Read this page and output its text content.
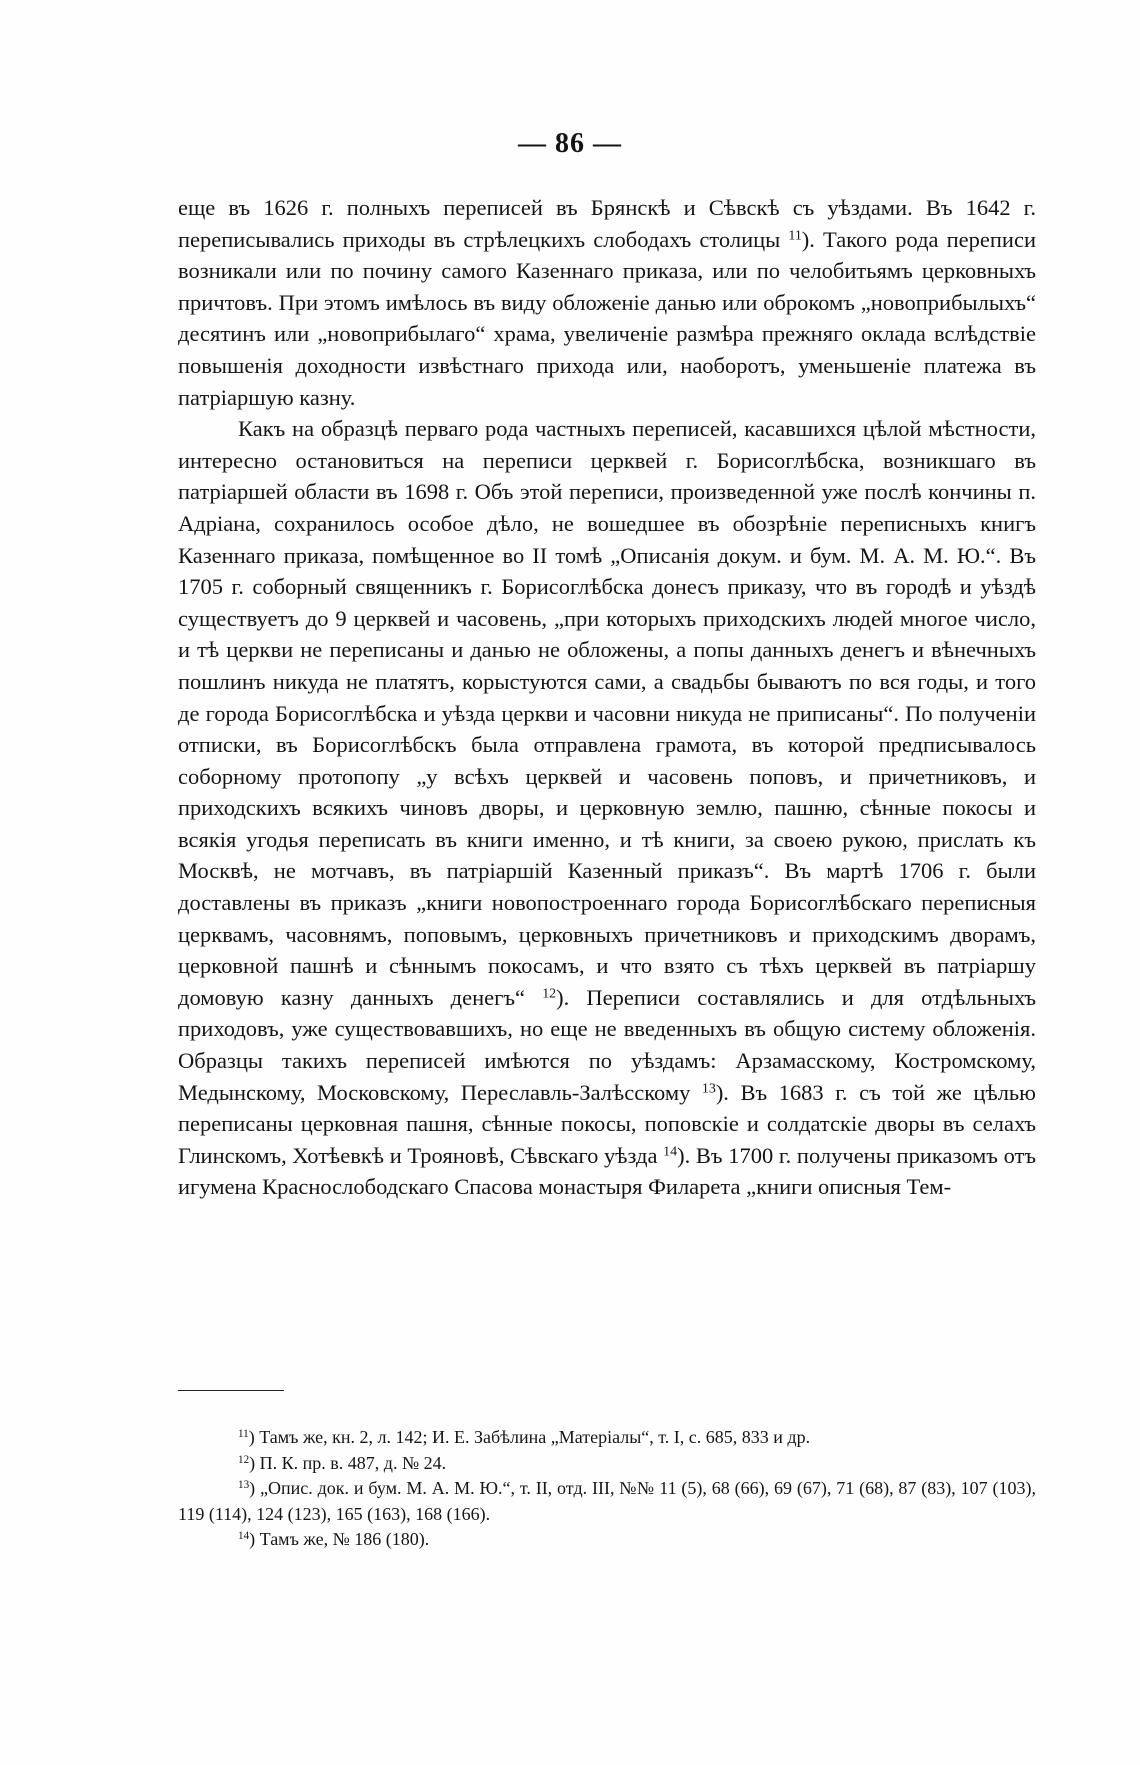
— 86 —

еще въ 1626 г. полныхъ переписей въ Брянскѣ и Сѣвскѣ съ уѣздами. Въ 1642 г. переписывались приходы въ стрѣлецкихъ слободахъ столицы $^{11}$). Такого рода переписи возникали или по почину самого Казеннаго приказа, или по челобитьямъ церковныхъ причтовъ. При этомъ имѣлось въ виду обложеніе данью или оброкомъ „новоприбылыхъ“ десятинъ или „новоприбылаго“ храма, увеличеніе размѣра прежняго оклада вслѣдствіе повышенія доходности извѣстнаго прихода или, наоборотъ, уменьшеніе платежа въ патріаршую казну.

Какъ на образцѣ перваго рода частныхъ переписей, касавшихся цѣлой мѣстности, интересно остановиться на переписи церквей г. Борисоглѣбска, возникшаго въ патріаршей области въ 1698 г. Объ этой переписи, произведенной уже послѣ кончины п. Адріана, сохранилось особое дѣло, не вошедшее въ обозрѣніе переписныхъ книгъ Казеннаго приказа, помѣщенное во II томѣ „Описанія докум. и бум. М. А. М. Ю.“. Въ 1705 г. соборный священникъ г. Борисоглѣбска донесъ приказу, что въ городѣ и уѣздѣ существуетъ до 9 церквей и часовень, „при которыхъ приходскихъ людей многое число, и тѣ церкви не переписаны и данью не обложены, а попы данныхъ денегъ и вѣнечныхъ пошлинъ никуда не платятъ, корыстуются сами, а свадьбы бываютъ по вся годы, и того де города Борисоглѣбска и уѣзда церкви и часовни никуда не приписаны“. По полученіи отписки, въ Борисоглѣбскъ была отправлена грамота, въ которой предписывалось соборному протопопу „у всѣхъ церквей и часовень поповъ, и причетниковъ, и приходскихъ всякихъ чиновъ дворы, и церковную землю, пашню, сѣнные покосы и всякія угодья переписать въ книги именно, и тѣ книги, за своею рукою, прислать къ Москвѣ, не мотчавъ, въ патріаршій Казенный приказъ“. Въ мартѣ 1706 г. были доставлены въ приказъ „книги новопостроеннаго города Борисоглѣбскаго переписныя церквамъ, часовнямъ, поповымъ, церковныхъ причетниковъ и приходскимъ дворамъ, церковной пашнѣ и сѣннымъ покосамъ, и что взято съ тѣхъ церквей въ патріаршу домовую казну данныхъ денегъ“ $^{12}$). Переписи составлялись и для отдѣльныхъ приходовъ, уже существовавшихъ, но еще не введенныхъ въ общую систему обложенія. Образцы такихъ переписей имѣются по уѣздамъ: Арзамасскому, Костромскому, Медынскому, Московскому, Переславль-Залѣсскому $^{13}$). Въ 1683 г. съ той же цѣлью переписаны церковная пашня, сѣнные покосы, поповскіе и солдатскіе дворы въ селахъ Глинскомъ, Хотѣевкѣ и Трояновѣ, Сѣвскаго уѣзда $^{14}$). Въ 1700 г. получены приказомъ отъ игумена Краснослободскаго Спасова монастыря Филарета „книги описныя Тем-

$^{11}$) Тамъ же, кн. 2, л. 142; И. Е. Забѣлина „Матеріалы“, т. I, с. 685, 833 и др.

$^{12}$) П. К. пр. в. 487, д. № 24.

$^{13}$) „Опис. док. и бум. М. А. М. Ю.“, т. II, отд. III, №№ 11 (5), 68 (66), 69 (67), 71 (68), 87 (83), 107 (103), 119 (114), 124 (123), 165 (163), 168 (166).

$^{14}$) Тамъ же, № 186 (180).
